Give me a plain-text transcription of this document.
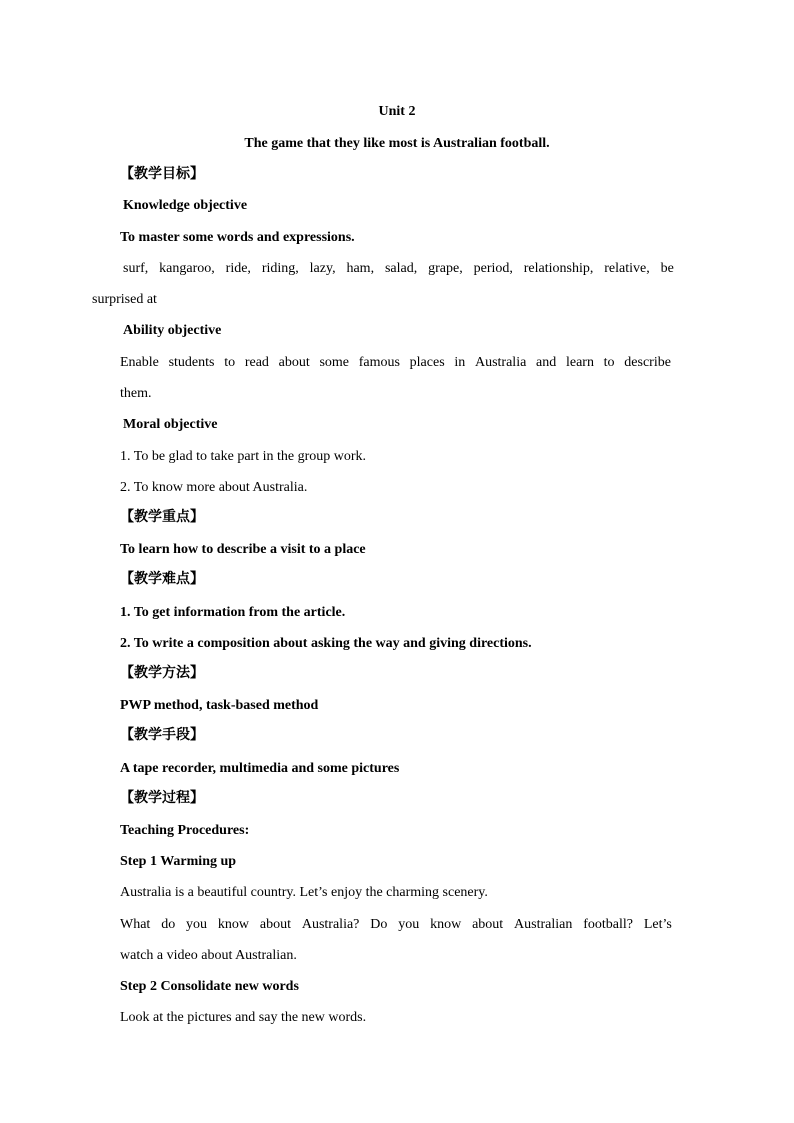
Unit 2
The game that they like most is Australian football.
【教学目标】
Knowledge objective
To master some words and expressions.
surf, kangaroo, ride, riding, lazy, ham, salad, grape, period, relationship, relative, be
surprised at
Ability objective
Enable students to read about some famous places in Australia and learn to describe
them.
Moral objective
1. To be glad to take part in the group work.
2. To know more about Australia.
【教学重点】
To learn how to describe a visit to a place
【教学难点】
1. To get information from the article.
2. To write a composition about asking the way and giving directions.
【教学方法】
PWP method, task-based method
【教学手段】
A tape recorder, multimedia and some pictures
【教学过程】
Teaching Procedures:
Step 1 Warming up
Australia is a beautiful country. Let’s enjoy the charming scenery.
What do you know about Australia? Do you know about Australian football? Let’s
watch a video about Australian.
Step 2 Consolidate new words
Look at the pictures and say the new words.
